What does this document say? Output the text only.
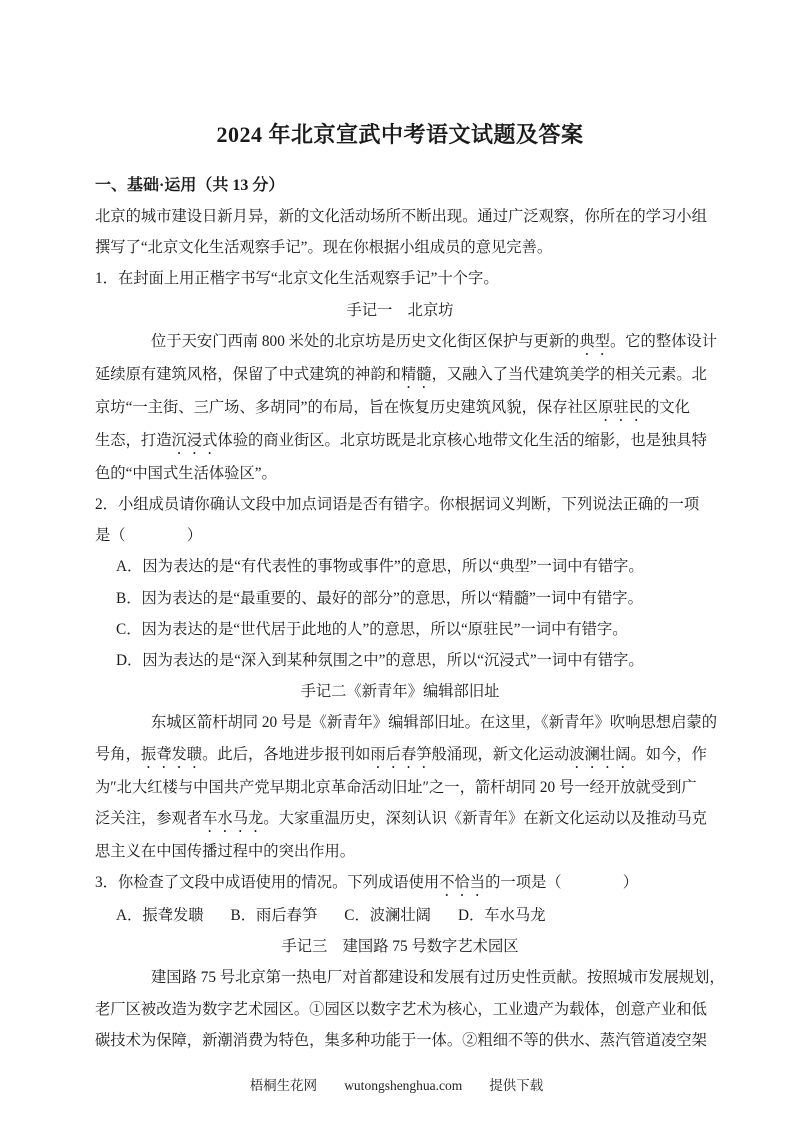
2024 年北京宣武中考语文试题及答案
一、基础·运用（共 13 分）
北京的城市建设日新月异，新的文化活动场所不断出现。通过广泛观察，你所在的学习小组
撰写了“北京文化生活观察手记”。现在你根据小组成员的意见完善。
1．在封面上用正楷字书写“北京文化生活观察手记”十个字。
手记一　北京坊
位于天安门西南 800 米处的北京坊是历史文化街区保护与更新的典型。它的整体设计
延续原有建筑风格，保留了中式建筑的神韵和精髓，又融入了当代建筑美学的相关元素。北
京坊“一主街、三广场、多胡同”的布局，旨在恢复历史建筑风貌，保存社区原驻民的文化
生态，打造沉浸式体验的商业街区。北京坊既是北京核心地带文化生活的缩影，也是独具特
色的“中国式生活体验区”。
2．小组成员请你确认文段中加点词语是否有错字。你根据词义判断，下列说法正确的一项
是（　　　　）
A．因为表达的是“有代表性的事物或事件”的意思，所以“典型”一词中有错字。
B．因为表达的是“最重要的、最好的部分”的意思，所以“精髓”一词中有错字。
C．因为表达的是“世代居于此地的人”的意思，所以“原驻民”一词中有错字。
D．因为表达的是“深入到某种氛围之中”的意思，所以“沉浸式”一词中有错字。
手记二《新青年》编辑部旧址
东城区箭杆胡同 20 号是《新青年》编辑部旧址。在这里，《新青年》吹响思想启蒙的
号角，振聋发聩。此后，各地进步报刊如雨后春笋般涌现，新文化运动波澜壮阔。如今，作
为″北大红楼与中国共产党早期北京革命活动旧址″之一，箭杆胡同 20 号一经开放就受到广
泛关注，参观者车水马龙。大家重温历史，深刻认识《新青年》在新文化运动以及推动马克
思主义在中国传播过程中的突出作用。
3．你检查了文段中成语使用的情况。下列成语使用不恰当的一项是（　　　　）
A．振聋发聩 B．雨后春笋 C．波澜壮阔 D．车水马龙
手记三　建国路 75 号数字艺术园区
建国路 75 号北京第一热电厂对首都建设和发展有过历史性贡献。按照城市发展规划，
老厂区被改造为数字艺术园区。①园区以数字艺术为核心，工业遗产为载体，创意产业和低
碳技术为保障，新潮消费为特色，集多种功能于一体。②粗细不等的供水、蒸汽管道凌空架
梧桐生花网 wutongshenghua.com 提供下载
